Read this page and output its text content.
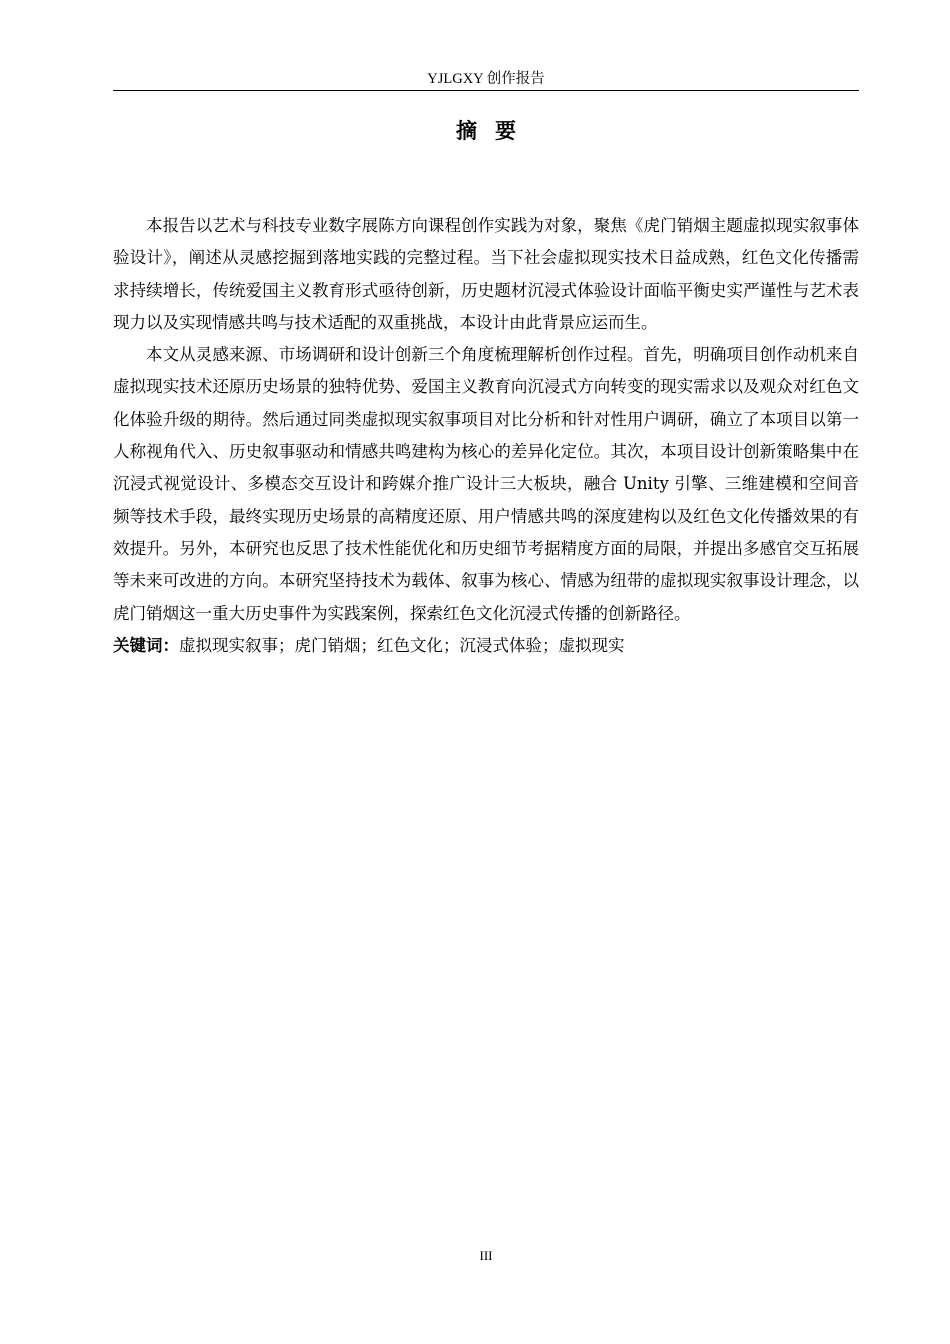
YJLGXY 创作报告
摘要

本报告以艺术与科技专业数字展陈方向课程创作实践为对象，聚焦《虎门销烟主题虚拟现实叙事体验设计》，阐述从灵感挖掘到落地实践的完整过程。当下社会虚拟现实技术日益成熟，红色文化传播需求持续增长，传统爱国主义教育形式亟待创新，历史题材沉浸式体验设计面临平衡史实严谨性与艺术表现力以及实现情感共鸣与技术适配的双重挑战，本设计由此背景应运而生。

本文从灵感来源、市场调研和设计创新三个角度梳理解析创作过程。首先，明确项目创作动机来自虚拟现实技术还原历史场景的独特优势、爱国主义教育向沉浸式方向转变的现实需求以及观众对红色文化体验升级的期待。然后通过同类虚拟现实叙事项目对比分析和针对性用户调研，确立了本项目以第一人称视角代入、历史叙事驱动和情感共鸣建构为核心的差异化定位。其次，本项目设计创新策略集中在沉浸式视觉设计、多模态交互设计和跨媒介推广设计三大板块，融合 Unity 引擎、三维建模和空间音频等技术手段，最终实现历史场景的高精度还原、用户情感共鸣的深度建构以及红色文化传播效果的有效提升。另外，本研究也反思了技术性能优化和历史细节考据精度方面的局限，并提出多感官交互拓展等未来可改进的方向。本研究坚持技术为载体、叙事为核心、情感为纽带的虚拟现实叙事设计理念，以虎门销烟这一重大历史事件为实践案例，探索红色文化沉浸式传播的创新路径。

关键词：虚拟现实叙事；虎门销烟；红色文化；沉浸式体验；虚拟现实

III
